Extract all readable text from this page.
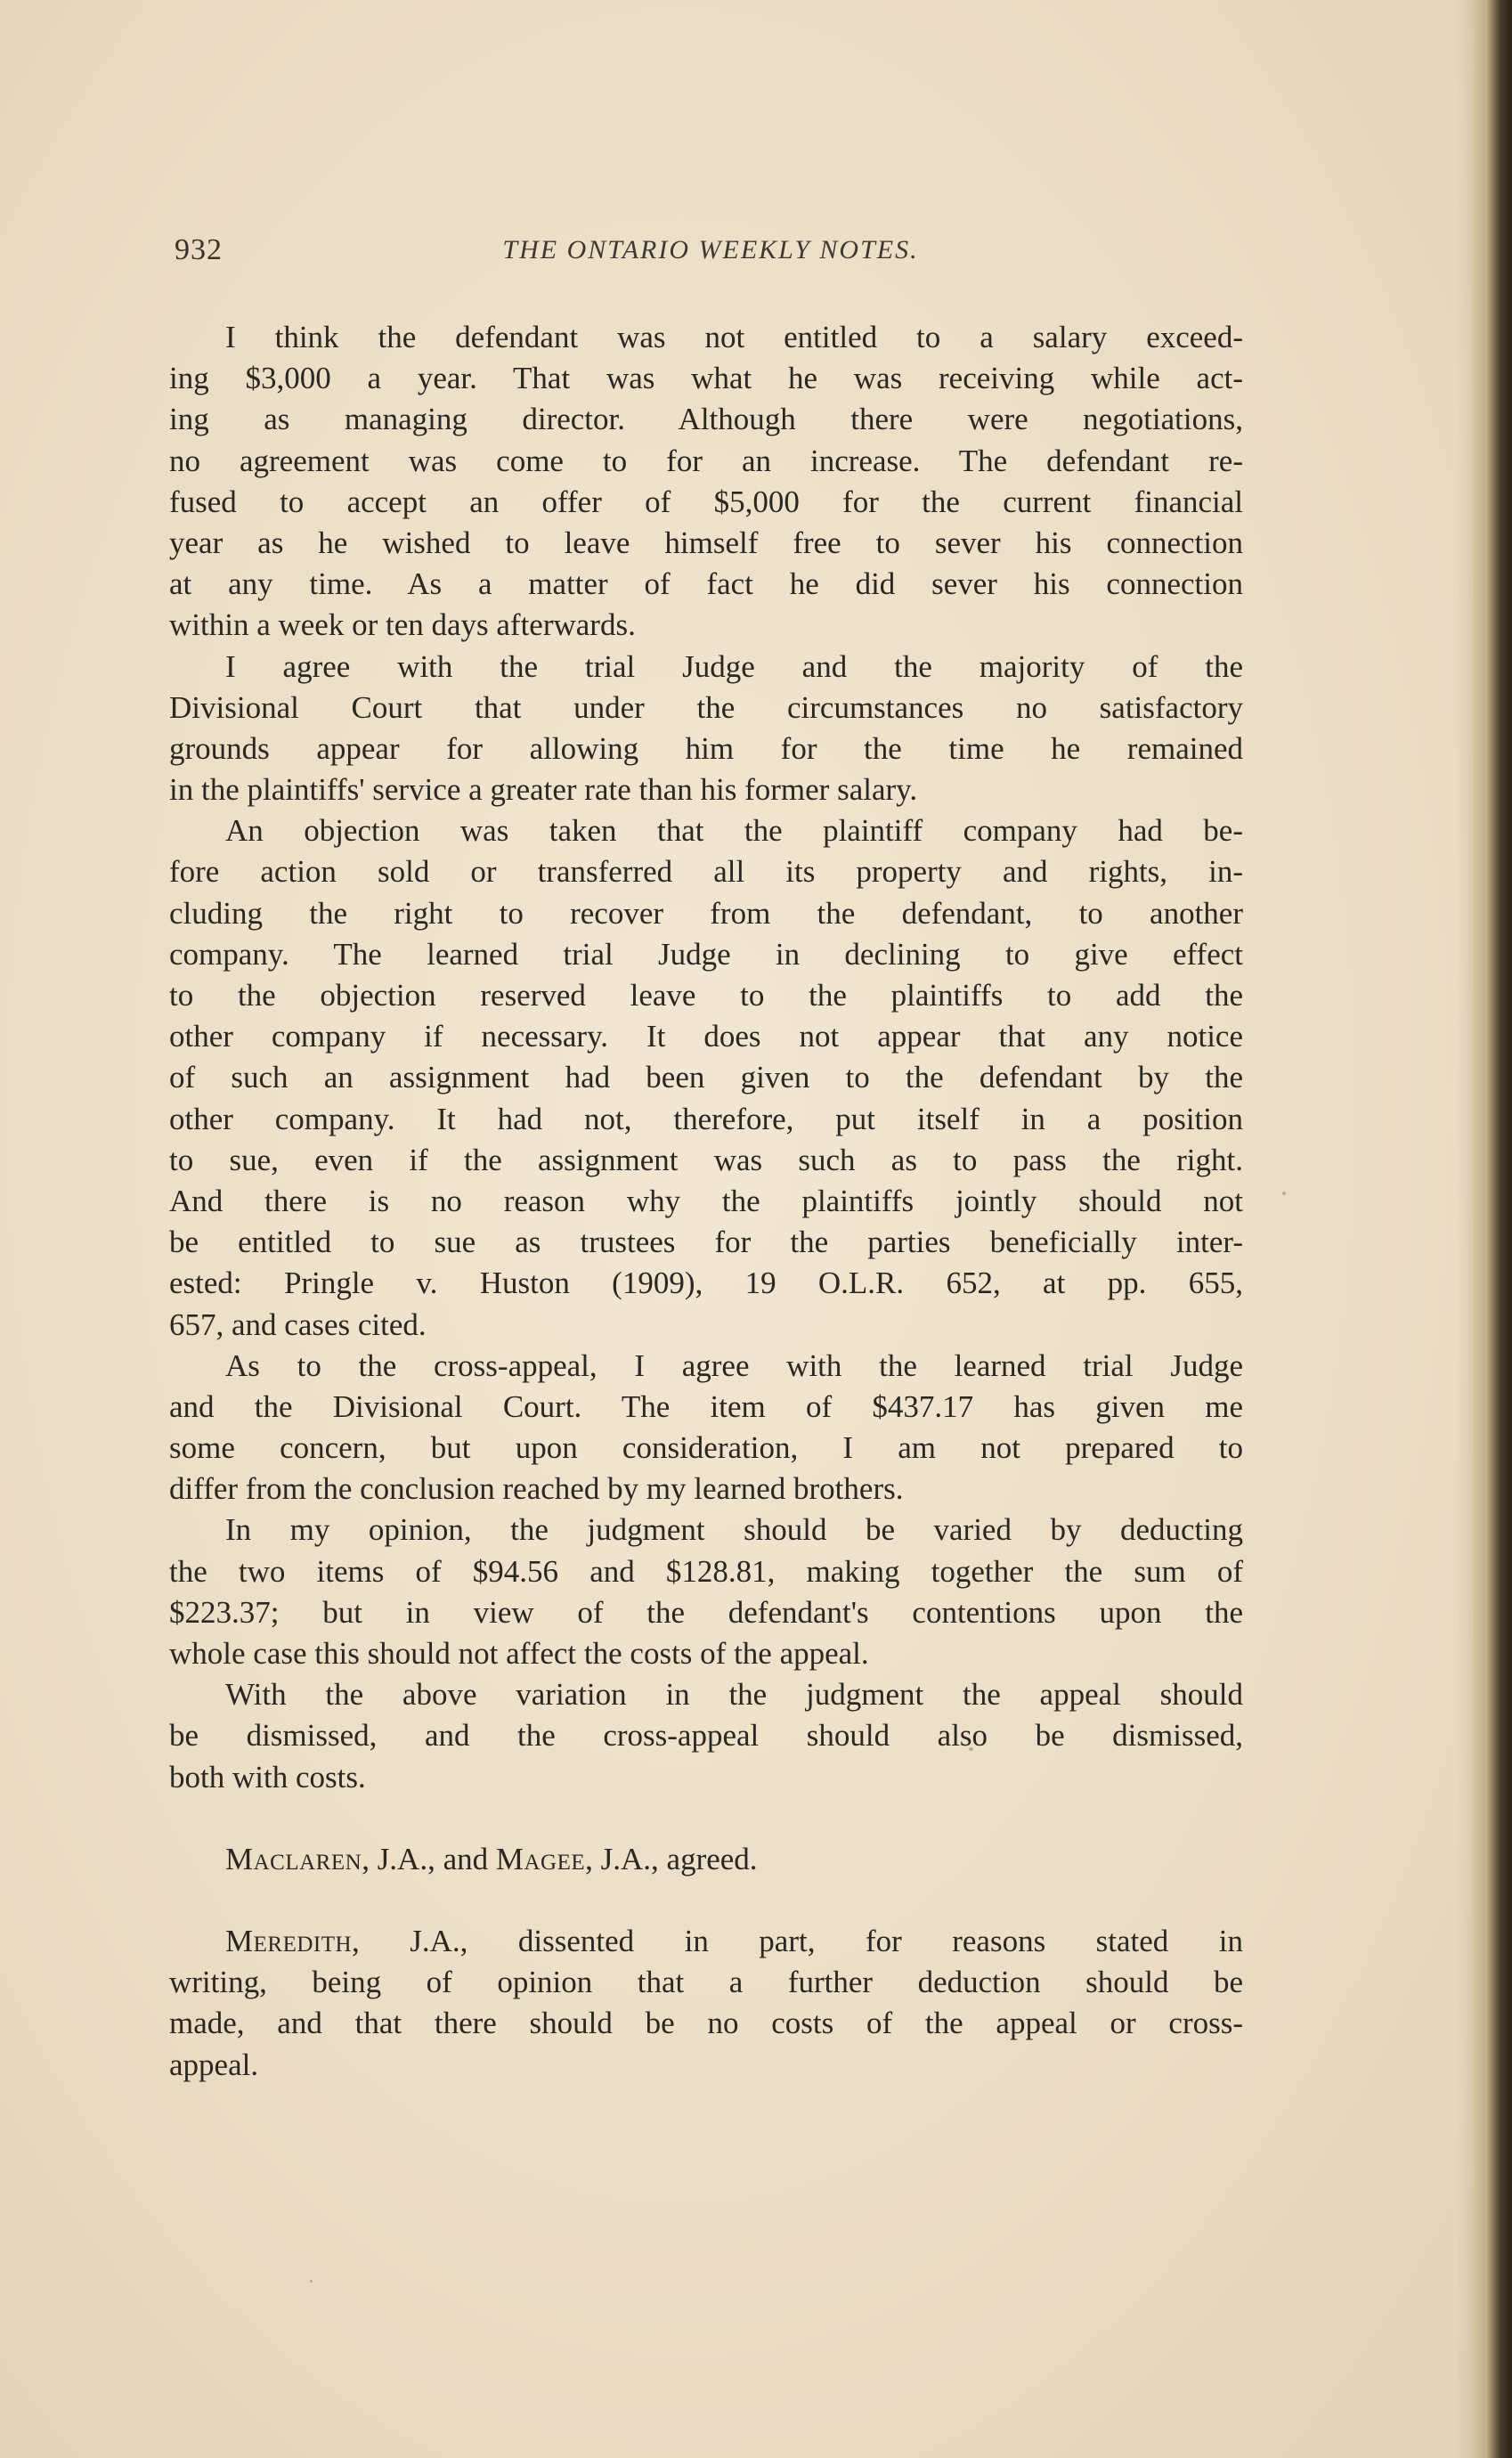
932	THE ONTARIO WEEKLY NOTES.
I think the defendant was not entitled to a salary exceed-
ing $3,000 a year. That was what he was receiving while act-
ing as managing director. Although there were negotiations,
no agreement was come to for an increase. The defendant re-
fused to accept an offer of $5,000 for the current financial
year as he wished to leave himself free to sever his connection
at any time. As a matter of fact he did sever his connection
within a week or ten days afterwards.
I agree with the trial Judge and the majority of the
Divisional Court that under the circumstances no satisfactory
grounds appear for allowing him for the time he remained
in the plaintiffs' service a greater rate than his former salary.
An objection was taken that the plaintiff company had be-
fore action sold or transferred all its property and rights, in-
cluding the right to recover from the defendant, to another
company. The learned trial Judge in declining to give effect
to the objection reserved leave to the plaintiffs to add the
other company if necessary. It does not appear that any notice
of such an assignment had been given to the defendant by the
other company. It had not, therefore, put itself in a position
to sue, even if the assignment was such as to pass the right.
And there is no reason why the plaintiffs jointly should not
be entitled to sue as trustees for the parties beneficially inter-
ested: Pringle v. Huston (1909), 19 O.L.R. 652, at pp. 655,
657, and cases cited.
As to the cross-appeal, I agree with the learned trial Judge
and the Divisional Court. The item of $437.17 has given me
some concern, but upon consideration, I am not prepared to
differ from the conclusion reached by my learned brothers.
In my opinion, the judgment should be varied by deducting
the two items of $94.56 and $128.81, making together the sum of
$223.37; but in view of the defendant's contentions upon the
whole case this should not affect the costs of the appeal.
With the above variation in the judgment the appeal should
be dismissed, and the cross-appeal should also be dismissed,
both with costs.
Maclaren, J.A., and Magee, J.A., agreed.
Meredith, J.A., dissented in part, for reasons stated in
writing, being of opinion that a further deduction should be
made, and that there should be no costs of the appeal or cross-
appeal.
